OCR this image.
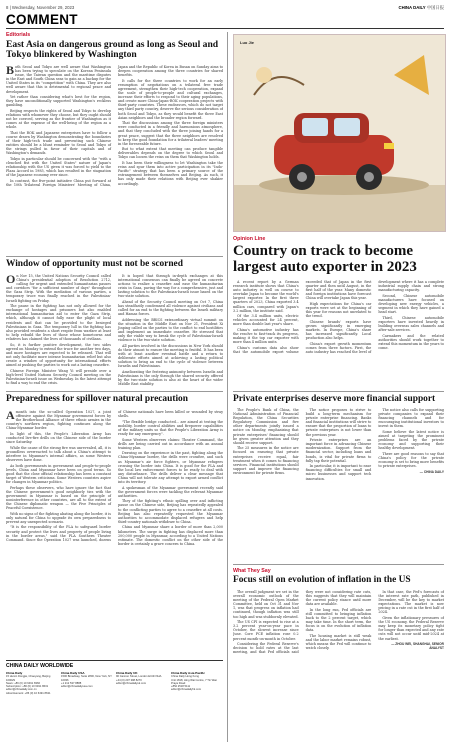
8 | Wednesday, November 29, 2023	CHINA DAILY 中国日报
COMMENT
Editorials
East Asia on dangerous ground as long as Seoul and Tokyo blinkered by Washington

Both Seoul and Tokyo are well aware that Washington has been trying to speculate on the Korean Peninsula issue, the Taiwan question and the maritime disputes in the East and South China seas to gain as a backup for the United States in its "competition" with China. They are also well aware that this is detrimental to regional peace and development.

Yet rather than considering what's best for the region, they have unconditionally supported Washington's reckless gambling.

Beijing respects the rights of Seoul and Tokyo to develop relations with whomever they choose, but they ought should not be coerced, serving as the frontier of Washington as it comes at the expense of the well-being of the region as a whole.

That the ROK and Japanese enterprises have to follow a course drawn by Washington demonstrating the boundaries of their high-tech trade and preventing such Chinese entities should be a blunt reminder to Seoul and Tokyo of the strings pulled in favor of their capitals and of Washington's demands.

Tokyo in particular should be concerned with the "with a clenched fist with the United States" nature of Japan's relationship with the US given it was forced to yield to the Plaza Accord in 1985, which has resulted in the stagnation of the Japanese economy ever since.

In contrast, the five-point initiative China put forward at the 10th Trilateral Foreign Ministers' Meeting of China, Japan and the Republic of Korea in Busan on Sunday aims to deepen cooperation among the three countries for shared benefits.

It calls for the three countries to work for an early resumption of negotiations on a trilateral free trade agreement, strengthen their high-tech cooperation, expand the scale of people-to-people and cultural exchanges, increase their efforts to respond to their aging populations, and create more China-Japan-ROK cooperation projects with third-party countries. These endeavors, which do not target any third party country, deserve the serious consideration of both Seoul and Tokyo, as they would benefit the three East Asian neighbors and the broader region forward.

That the discussions among the three foreign ministers were conducted in a friendly and harmonious atmosphere, and that they concluded with the three joining hands for a great peace, suggest that the three neighbors are resolved to keep the good foundation for a trilateral leaders' meeting in the foreseeable future.

But to what extent that meeting can produce tangible deliverables depends on the degree to which Seoul and Tokyo can loosen the reins on them that Washington holds.

It has been their willingness to let Washington take the reins and spur them into active participation in its "Indo-Pacific" strategy that has been a primary source of the estrangement between themselves and Beijing. As such, it has only made their relations with Beijing ever shakier accordingly.

Window of opportunity must not be scorned

On Nov 15, the United Nations Security Council called China's presidential adoption of Resolution 2712, calling for urgent and extended humanitarian pauses and corridors "for a sufficient number of days" throughout the Gaza Strip. With the mediation of various parties, a temporary truce was finally reached in the Palestinian-Israeli fighting on Friday.

The pause in the fighting has not only allowed for the exchange of hostages and prisoners but also enabled international humanitarian aid to enter the Gaza Strip, which, although it cannot fully ease the plight of local residents and that can be provided to the besieged Palestinians in Gaza. The temporary lull in the fighting has also provided residents a short respite from warfare at least to help rebuild the lives of those whose hometowns and relatives has claimed the lives of thousands of civilians.

So, it is further positive development, the two sides agreed on Monday to extend the truce for another two days, and more hostages are expected to be released. That will not only facilitate more intense humanitarian relief but also create a window of opportunity for international efforts aimed at pushing the parties to work out a lasting ceasefire.

Chinese Foreign Minister Wang Yi will preside over a high-level United Nations Security Council meeting on the Palestinian-Israeli issue on Wednesday. In the latest attempt to find a way to end the crisis.

It is hoped that through in-depth exchanges at this international consensus can finally be agreed on concrete actions to realize a ceasefire and ease the humanitarian crisis in Gaza, paving the way for a comprehensive, just and lasting solution to the Palestinian-Israeli issue based on the two-state solution.

Ahead of the Security Council meeting on Oct 7, China has steadfastly condemned all violence against civilians and called for an end to the fighting between the Israeli military and Hamas forces.

Addressing the BRICS extraordinary virtual summit on the situation in the Middle East on Nov 21, President Xi Jinping called on the parties to the conflict to end hostilities and implement an immediate ceasefire. He stressed that only the viable way to break the cycle of Palestinian-Israeli violence is the two-state solution.

All parties involved in the discussions in New York should do their utmost to ensure the meeting is fruitful. It has been with at least another eventual battle and a return to deliberate efforts aimed at achieving a lasting political solution to bring an end to the cycle of violence between Israelis and Palestinians.

Ameliorating the festering animosity between Israelis and Palestinians is the only through the shared security offered by the two-state solution is also at the heart of the wider Middle East stability.

Preparedness for spillover natural precaution

A month into the so-called Operation 1027, a joint offensive against the Myanmar government forces by the Brotherhood Alliance of three ethnic armies in the country's northern region, fighting continues along the China-Myanmar border.

In light of this, the People's Liberation Army has conducted live-fire drills on the Chinese side of the border since Saturday.

While the cause of the strong fire was unrevealed, all, it is groundless overreacted to talk about a China's attempt to interfere in Myanmar's internal affairs, as some Western observers have done.

As both governments in government and people-to-people levels, China and Myanmar have been on good terms. So good that the close official relationship has been a constant target of Western criticisms. Some Western countries aspire for changes in Myanmar politics.

Perhaps these observers, who have ignore the fact that the Chinese government's good neighborly ties with the government in Myanmar is based on the principle of noninterference in other countries, are all to the extent of the Chinese diplomatic weapon — the Five Principles of Peaceful Coexistence.

With no signs of the fighting abating along the border, it is only natural for China to upgrade its own preparedness to prevent any unexpected scenario.

"It is the responsibility of the PLA to safeguard border security and protect the lives and property of people living in the border areas," said the PLA Southern Theater Command. Since the Operation 1027 was launched, dozens of Chinese nationals have been killed or wounded by stray shells.

"The flexible bridge conducted... are aimed at testing the mobility, border control abilities and firepower capabilities of the military units so that the People's Liberation Army is ready for any emergency".

Some Western observers claims: Theater Command, the drills are being carried out in accordance with an annual training plan.

Drawing on the experience in the past, fighting along the China-Myanmar border, the drills were crossfire, and such as Myanmar's air force fighters, or Myanmar refugees crossing the border into China. It is good for the PLA and the local law enforcement forces to be ready to deal with any disturbance. The drills deliver a clear message that China will not tolerate any attempt to export armed conflict into its territory.

A spokesman of the Myanmar government recently said the government forces were tackling the relevant Myanmar authorities.

They of the fighting's ethnic spilling over and inflicting pause on the Chinese side, Beijing has repeatedly appealed to the conflicting parties to agree to a ceasefire at all costs. Beijing has also repeatedly requested the Myanmar authorities to accommodate displaced refugees and help third-country nationals withdraw to China.

China and Myanmar share a border of more than 2,000 kilometers. The surge in fighting has displaced more than 200,000 people in Myanmar, according to a United Nations estimate. The domestic conflict on the other side of the border is certainly a grave concern to China.

CHINA DAILY WORLDWIDE
China Daily
15 Huixin Dongjie, Chaoyang, Beijing 100029
News: +86 (0) 10 6491 8366
Subscription: +86 (0) 10 6491 8631
editor@chinadaily.com.cn
Advertisement: +86 (0) 10 6491 8631
China Daily USA
1500 Broadway, Suite 2800, New York, NY 10036
+1 212 537 8888
editor@chinadailyusa.com
China Daily UK
90 Cannon Street, London EC4N 6HA
+44 (0) 207 398 8270
editor@chinadailyuk.com
China Daily Asia Pacific
China Daily Hong Kong
Unit 1818, Hing Wai Centre, 7 Tin Wan Praya Road
+852 2518 5111
editor@chinadailyhk.com
Luo Jie
Opinion Line
Country on track to become largest auto exporter in 2023

A recent report by a German research institute shows that China's auto industry is well on course to overtake Japan to become the world's largest exporter. In the first three quarters of 2023, China exported 3.4 million cars, compared with Japan's 3.2 million, the institute said.

Of the 3.4 million units, electric vehicles accounted for 24 percent, more than double last year's share.

China's automotive industry has the resolve to fast-track its progress, making it the top car exporter with more than 4 million units.

China's customs data also show that the automobile export volume exceeded that of Japan in the first quarter and then until August, in the first half of the year. Many domestic and foreign institutions have forecast China will overtake Japan this year.

High expectations for China's car exports were set at the beginning of this year for reasons not unrelated to the trend.

Chinese brands' exports have grown significantly in emerging markets. In Europe, China's share has increased significantly. Local production also helps.

China's export growth momentum comes from three factors. First, the auto industry has reached the level of development where it has a complete industrial supply chain and strong manufacturing capacity.

Second, Chinese automobile manufacturers have focused on developing new energy vehicles, a segment in which they have gained a head start.

Third, Chinese automobile exporters have invested heavily in building overseas sales channels and after-sale services.

Carmakers and the related authorities should work together to extend this momentum in the years to come.

Private enterprises deserve more financial support

The People's Bank of China, the National Administration of Financial Regulation, the China Securities Regulatory Commission and five other departments jointly issued a notice on Monday, emphasizing that private enterprises' financing should be given greater attention and they should receive support.

The 25 measures in the notice are focused on ensuring that private enterprises receive equal, fair treatment when it comes to financing services. Financial institutions should support and improve the financing environment for private firms.

The notice proposes to strive to build a long-term mechanism for private enterprise financing. Banks and financial institutions will strive to ensure that the proportion of loans to private enterprises is not lower than the previous year.

Private enterprises are an important force in advancing Chinese modernization. Support from the financial sector, including loans and bonds, is vital for private firms to fully tap their potential.

In particular, it is important to ease financing difficulties for small and micro businesses and support tech innovation.

The notice also calls for supporting private companies to expand their financing channels and for encouraging institutional investors to invest in them.

Some believe the latest notice is aimed at targeting the prominent problems faced by the private economy and supporting their healthy development.

There are good reasons to say that China's policy for the private economy is set to bring more benefits to private enterprises.

— CHINA DAILY

What They Say
Focus still on evolution of inflation in the US

The overall judgment we set in the overall economic outlook of the meeting of the Federal Open Market Committee, held on Oct 31 and Nov 1, was that progress on inflation had continued, though inflation was still too high and was stubbornly elevated.

The US CPI is expected to rise at a 3.2 percent year-on-year pace in October, the slowest increase since June. Core PCE inflation rose 0.2 percent month-on-month in October.

Considering the Federal Reserve's decision to hold rates at the last meeting, and that Fed officials said they were not considering rate cuts, this suggests that they will maintain the current policy stance until more data are available.

In the long run, Fed officials are still committed to bringing inflation back to the 2 percent target, which may take time. In the short term, the focus is on the evolution of inflation data.

The housing market is still weak and the labor market remains robust, which means the Fed will continue to watch closely.

In that case, the Fed's forecasts of the interest rate path, published in December, will be the key to market expectations. The market is now pricing in a rate cut in the first half of 2024.

Given the inflationary pressures of the US economy, the Federal Reserve may keep its monetary policy tight for longer than expected and any rate cuts will not occur until mid-2024 at the earliest.

— ZHOU WEI, SHANGHAI, SENIOR ANALYST
